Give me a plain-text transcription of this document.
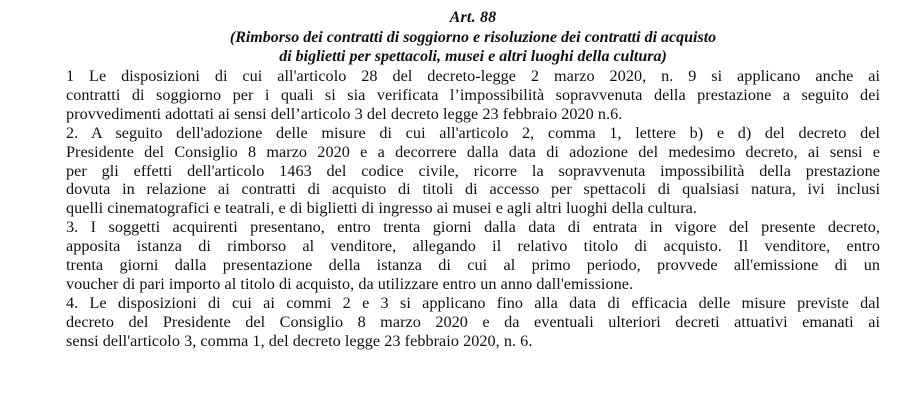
Art. 88

(Rimborso dei contratti di soggiorno e risoluzione dei contratti di acquisto
di biglietti per spettacoli, musei e altri luoghi della cultura)

1 Le disposizioni di cui all'articolo 28 del decreto-legge 2 marzo 2020, n. 9 si applicano anche ai
contratti di soggiorno per i quali si sia verificata l’impossibilità sopravvenuta della prestazione a seguito dei
provvedimenti adottati ai sensi dell’articolo 3 del decreto legge 23 febbraio 2020 n.6.
2. A seguito dell'adozione delle misure di cui all'articolo 2, comma 1, lettere b) e d) del decreto del
Presidente del Consiglio 8 marzo 2020 e a decorrere dalla data di adozione del medesimo decreto, ai sensi e
per gli effetti dell'articolo 1463 del codice civile, ricorre la sopravvenuta impossibilità della prestazione
dovuta in relazione ai contratti di acquisto di titoli di accesso per spettacoli di qualsiasi natura, ivi inclusi
quelli cinematografici e teatrali, e di biglietti di ingresso ai musei e agli altri luoghi della cultura.
3. I soggetti acquirenti presentano, entro trenta giorni dalla data di entrata in vigore del presente decreto,
apposita istanza di rimborso al venditore, allegando il relativo titolo di acquisto. Il venditore, entro
trenta giorni dalla presentazione della istanza di cui al primo periodo, provvede all'emissione di un
voucher di pari importo al titolo di acquisto, da utilizzare entro un anno dall'emissione.
4. Le disposizioni di cui ai commi 2 e 3 si applicano fino alla data di efficacia delle misure previste dal
decreto del Presidente del Consiglio 8 marzo 2020 e da eventuali ulteriori decreti attuativi emanati ai
sensi dell'articolo 3, comma 1, del decreto legge 23 febbraio 2020, n. 6.
